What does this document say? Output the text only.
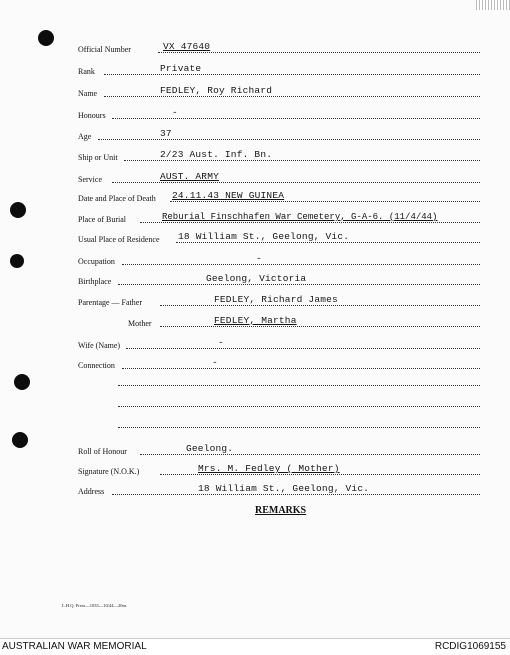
Official Number	VX 47640
Rank	Private
Name	FEDLEY, Roy Richard
Honours	-
Age	37
Ship or Unit	2/23 Aust. Inf. Bn.
Service	AUST. ARMY
Date and Place of Death 24.11.43 NEW GUINEA
Place of Burial	Reburial Finschhafen War Cemetery, G-A-6. (11/4/44)
Usual Place of Residence 18 William St., Geelong, Vic.
Occupation	-
Birthplace	Geelong, Victoria
Parentage — Father	FEDLEY, Richard James
Mother	FEDLEY, Martha
Wife (Name)	-
Connection	-
Roll of Honour	Geelong.
Signature (N.O.K.)	Mrs. M. Fedley ( Mother)
Address	18 William St., Geelong, Vic.
REMARKS
L.H.Q. Press—1035—10/44—20m.
AUSTRALIAN WAR MEMORIAL	RCDIG1069155
